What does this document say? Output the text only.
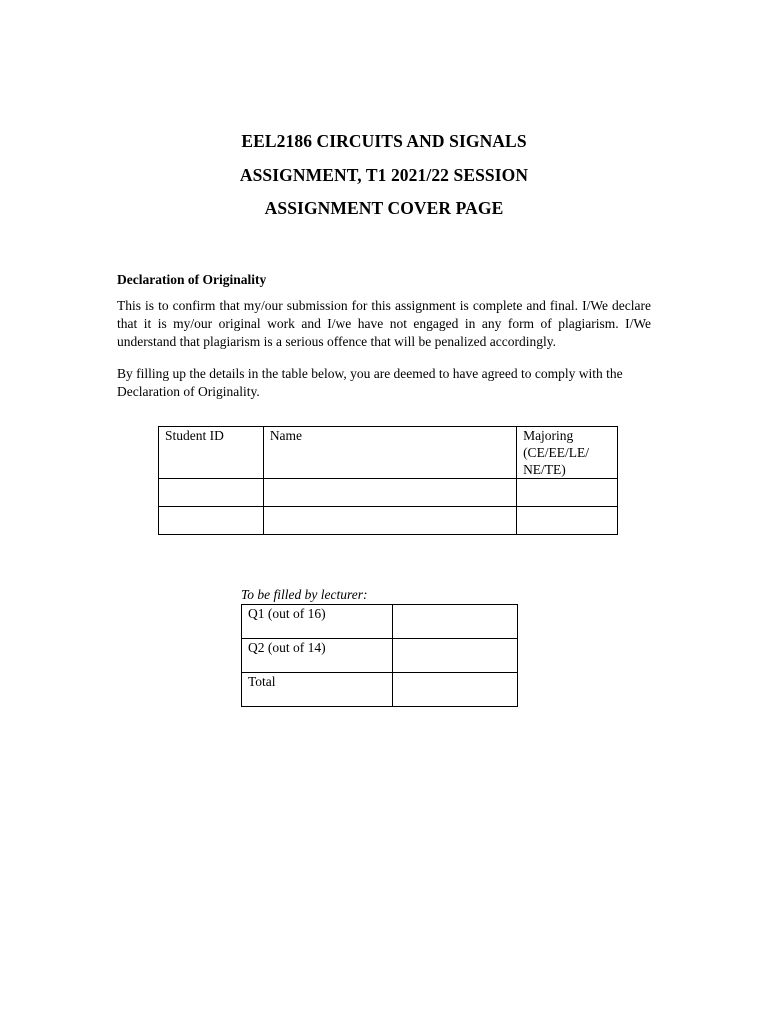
EEL2186 CIRCUITS AND SIGNALS
ASSIGNMENT, T1 2021/22 SESSION
ASSIGNMENT COVER PAGE

Declaration of Originality

This is to confirm that my/our submission for this assignment is complete and final. I/We declare that it is my/our original work and I/we have not engaged in any form of plagiarism. I/We understand that plagiarism is a serious offence that will be penalized accordingly.

By filling up the details in the table below, you are deemed to have agreed to comply with the Declaration of Originality.

Student ID	Name	Majoring (CE/EE/LE/ NE/TE)

To be filled by lecturer:

Q1 (out of 16)	
Q2 (out of 14)	
Total	
